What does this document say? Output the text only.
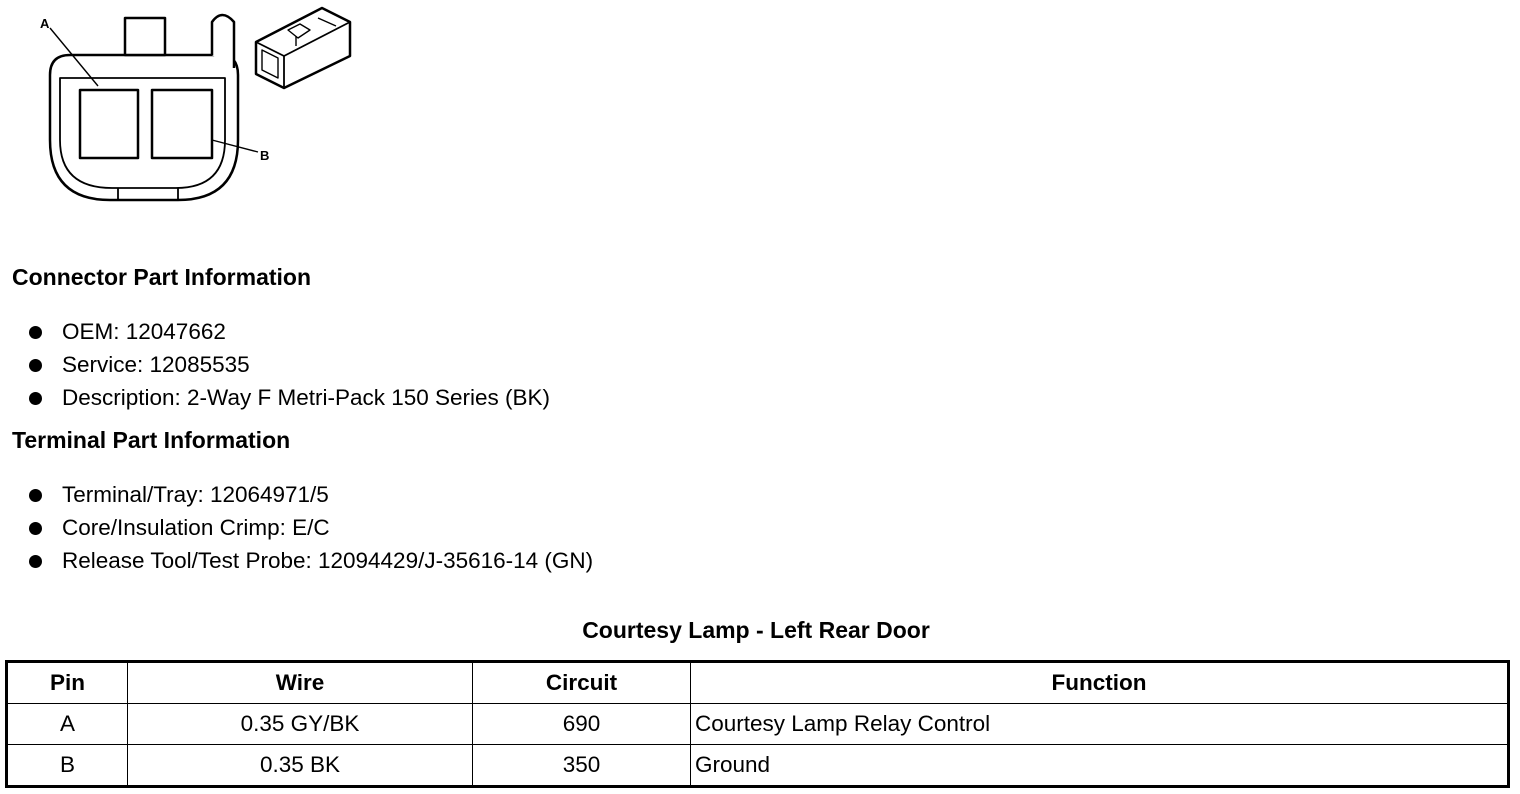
A
B
Connector Part Information
OEM: 12047662
Service: 12085535
Description: 2-Way F Metri-Pack 150 Series (BK)
Terminal Part Information
Terminal/Tray: 12064971/5
Core/Insulation Crimp: E/C
Release Tool/Test Probe: 12094429/J-35616-14 (GN)
Courtesy Lamp - Left Rear Door
Pin	Wire	Circuit	Function
A	0.35 GY/BK	690	Courtesy Lamp Relay Control
B	0.35 BK	350	Ground
